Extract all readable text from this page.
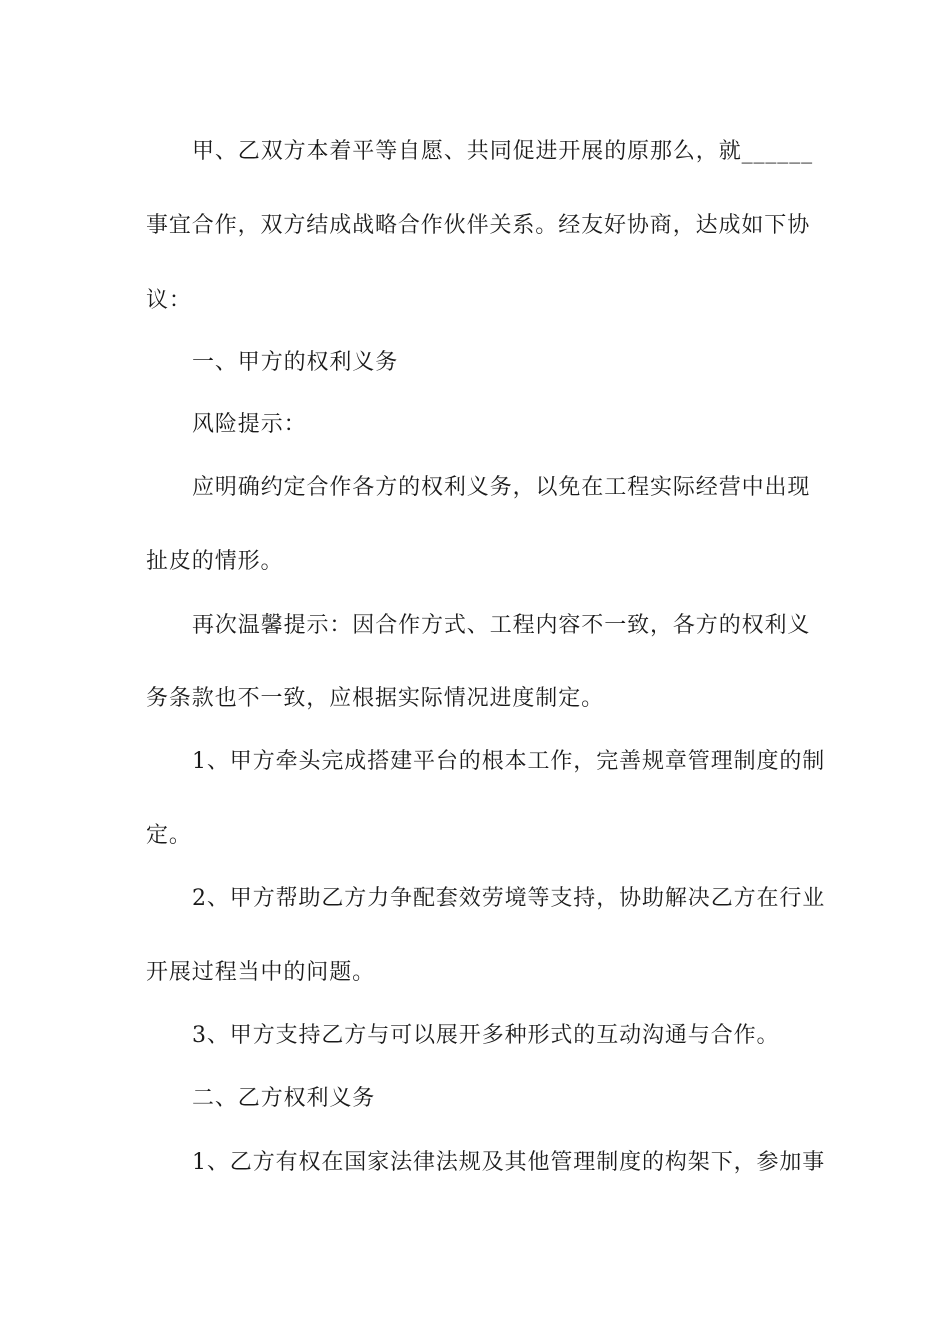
甲、乙双方本着平等自愿、共同促进开展的原那么，就______
事宜合作，双方结成战略合作伙伴关系。经友好协商，达成如下协
议：
一、甲方的权利义务
风险提示：
应明确约定合作各方的权利义务，以免在工程实际经营中出现
扯皮的情形。
再次温馨提示：因合作方式、工程内容不一致，各方的权利义
务条款也不一致，应根据实际情况进度制定。
1、甲方牵头完成搭建平台的根本工作，完善规章管理制度的制
定。
2、甲方帮助乙方力争配套效劳境等支持，协助解决乙方在行业
开展过程当中的问题。
3、甲方支持乙方与可以展开多种形式的互动沟通与合作。
二、乙方权利义务
1、乙方有权在国家法律法规及其他管理制度的构架下，参加事
